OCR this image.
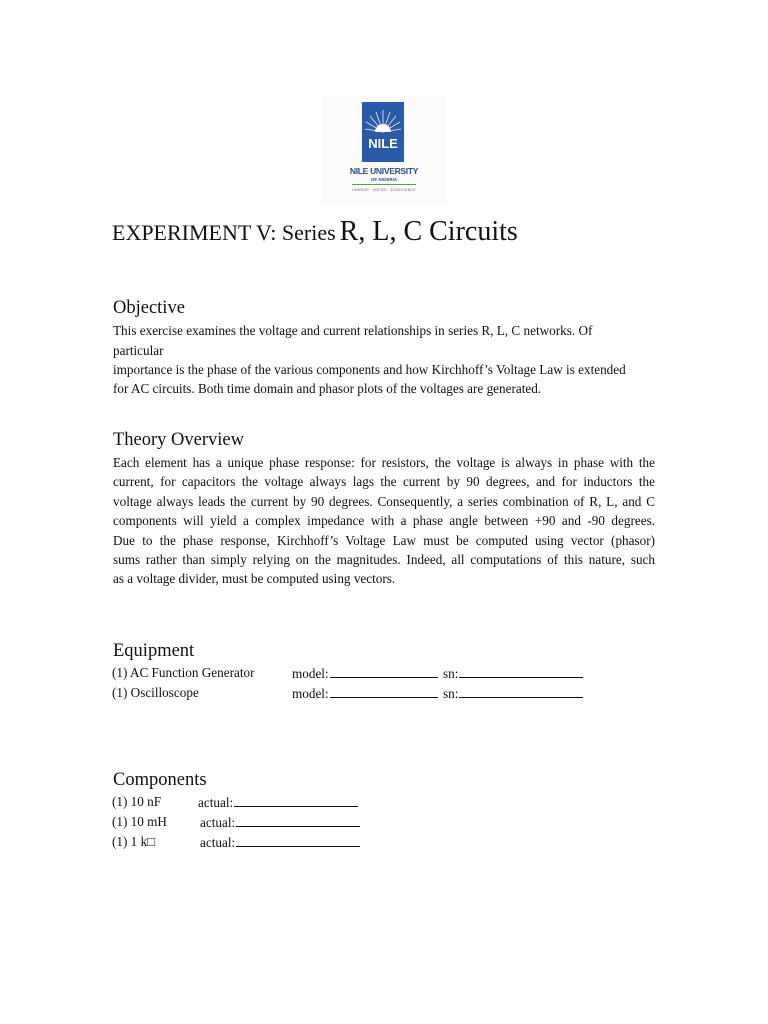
NILE
NILE UNIVERSITY
OF NIGERIA
HONOUR · UNITED · EXCELLENCE
EXPERIMENT V: Series R, L, C Circuits
Objective
This exercise examines the voltage and current relationships in series R, L, C networks. Of
particular
importance is the phase of the various components and how Kirchhoff’s Voltage Law is extended
for AC circuits. Both time domain and phasor plots of the voltages are generated.
Theory Overview
Each element has a unique phase response: for resistors, the voltage is always in phase with the
current, for capacitors the voltage always lags the current by 90 degrees, and for inductors the
voltage always leads the current by 90 degrees. Consequently, a series combination of R, L, and C
components will yield a complex impedance with a phase angle between +90 and -90 degrees.
Due to the phase response, Kirchhoff’s Voltage Law must be computed using vector (phasor)
sums rather than simply relying on the magnitudes. Indeed, all computations of this nature, such
as a voltage divider, must be computed using vectors.
Equipment
(1) AC Function Generator	model:	sn:
(1) Oscilloscope	model:	sn:
Components
(1) 10 nF	actual:
(1) 10 mH	actual:
(1) 1 k□	actual:
